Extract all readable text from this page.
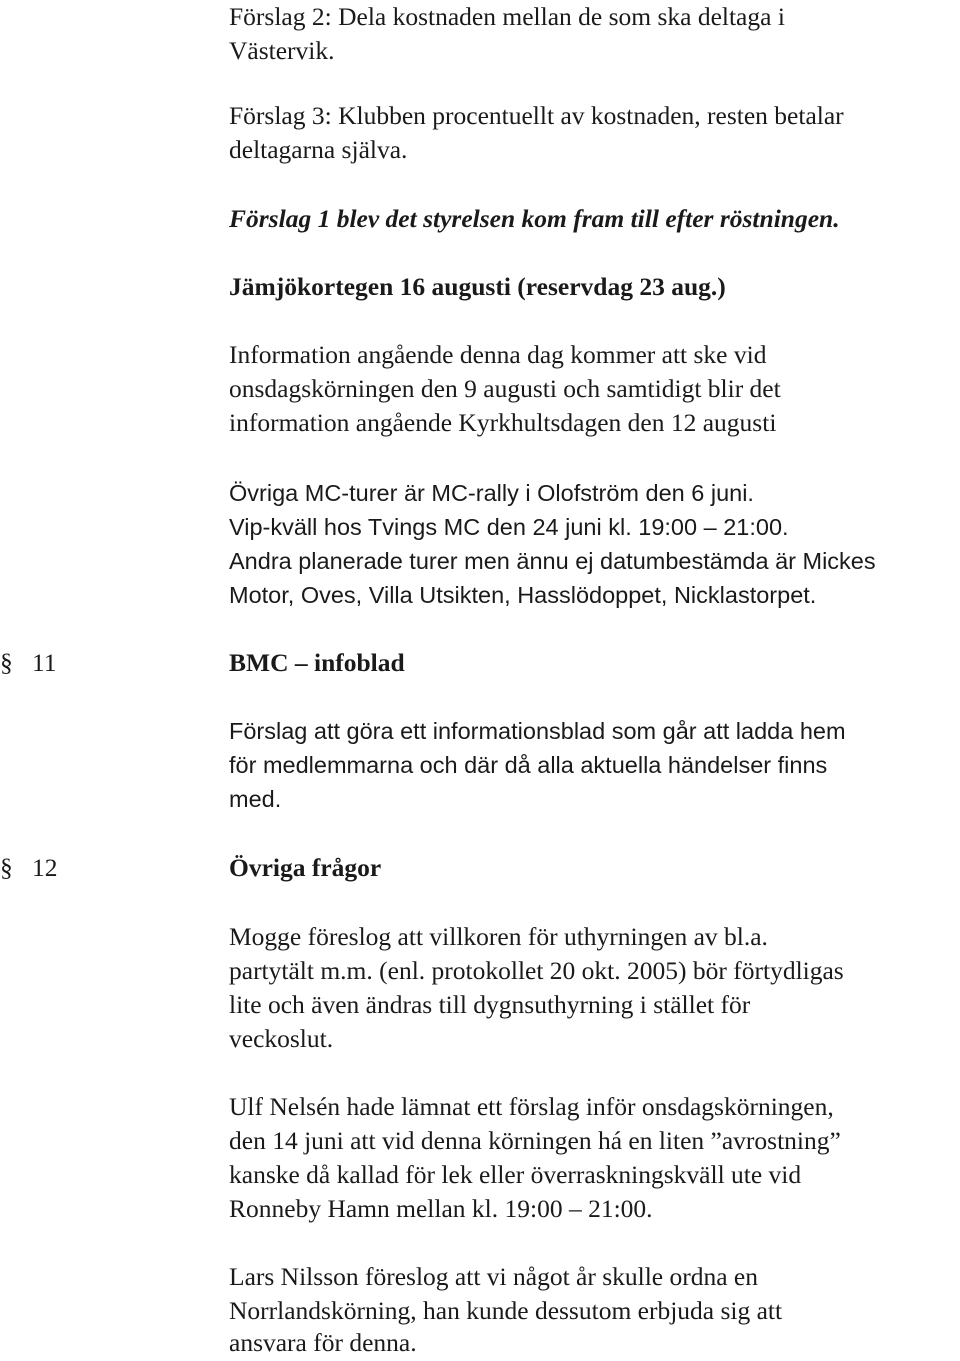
Förslag 2: Dela kostnaden mellan de som ska deltaga i
Västervik.
Förslag 3: Klubben procentuellt av kostnaden, resten betalar
deltagarna själva.
Förslag 1 blev det styrelsen kom fram till efter röstningen.
Jämjökortegen 16 augusti (reservdag 23 aug.)
Information angående denna dag kommer att ske vid
onsdagskörningen den 9 augusti och samtidigt blir det
information angående Kyrkhultsdagen den 12 augusti
Övriga MC-turer är MC-rally i Olofström den 6 juni.
Vip-kväll hos Tvings MC den 24 juni kl. 19:00 – 21:00.
Andra planerade turer men ännu ej datumbestämda är Mickes
Motor, Oves, Villa Utsikten, Hasslödoppet, Nicklastorpet.
§ 11	BMC – infoblad
Förslag att göra ett informationsblad som går att ladda hem
för medlemmarna och där då alla aktuella händelser finns
med.
§ 12	Övriga frågor
Mogge föreslog att villkoren för uthyrningen av bl.a.
partytält m.m. (enl. protokollet 20 okt. 2005) bör förtydligas
lite och även ändras till dygnsuthyrning i stället för
veckoslut.
Ulf Nelsén hade lämnat ett förslag inför onsdagskörningen,
den 14 juni att vid denna körningen há en liten ”avrostning”
kanske då kallad för lek eller överraskningskväll ute vid
Ronneby Hamn mellan kl. 19:00 – 21:00.
Lars Nilsson föreslog att vi något år skulle ordna en
Norrlandskörning, han kunde dessutom erbjuda sig att
ansvara för denna.
